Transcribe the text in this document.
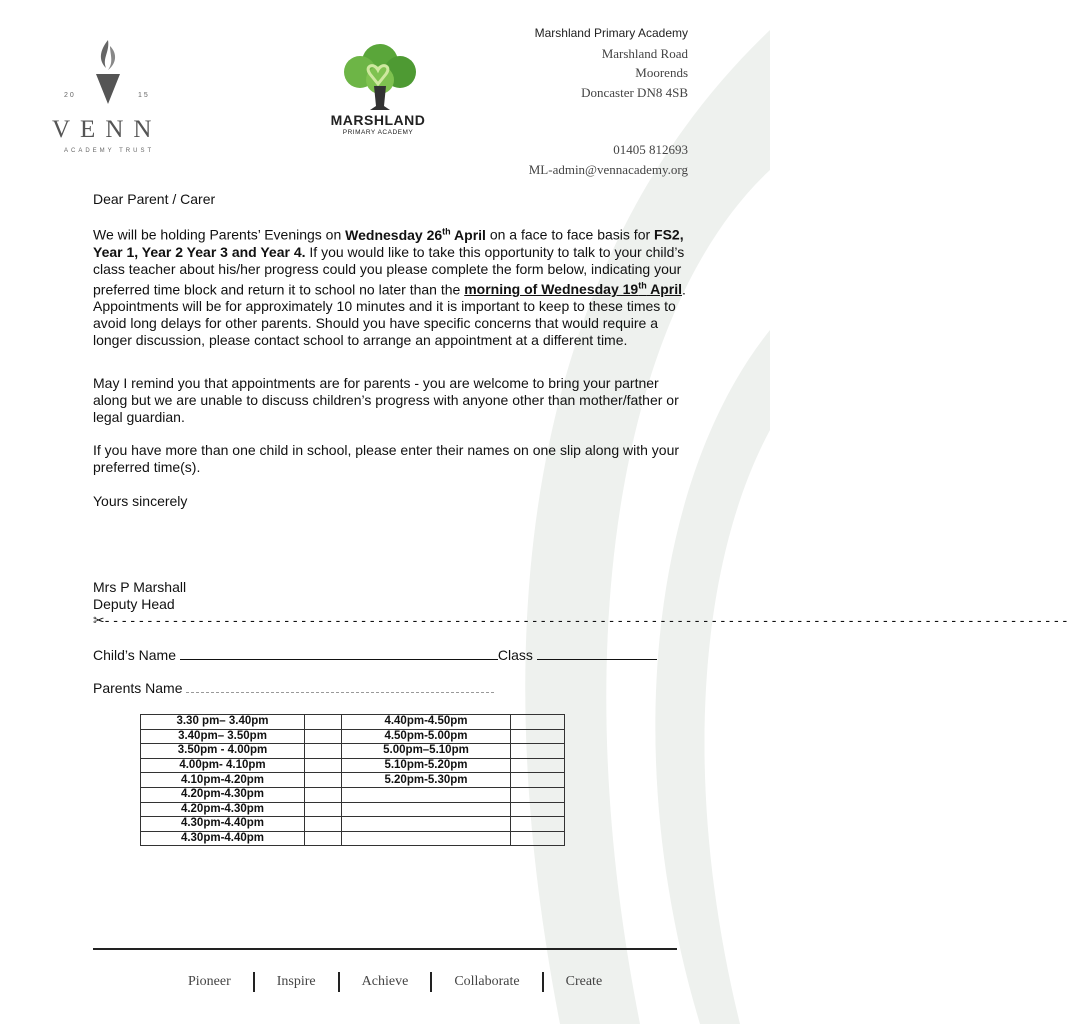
20	15
VENN
ACADEMY TRUST
MARSHLAND
PRIMARY ACADEMY
Marshland Primary Academy
Marshland Road
Moorends
Doncaster DN8 4SB
01405 812693
ML-admin@vennacademy.org
Dear Parent / Carer

We will be holding Parents’ Evenings on Wednesday 26th April on a face to face basis for FS2, Year 1, Year 2 Year 3 and Year 4. If you would like to take this opportunity to talk to your child’s class teacher about his/her progress could you please complete the form below, indicating your preferred time block and return it to school no later than the morning of Wednesday 19th April. Appointments will be for approximately 10 minutes and it is important to keep to these times to avoid long delays for other parents. Should you have specific concerns that would require a longer discussion, please contact school to arrange an appointment at a different time.

May I remind you that appointments are for parents - you are welcome to bring your partner along but we are unable to discuss children’s progress with anyone other than mother/father or legal guardian.

If you have more than one child in school, please enter their names on one slip along with your preferred time(s).

Yours sincerely
Mrs P Marshall
Deputy Head
✂- - - - - - - - - - - - - - - - - - - - - - - - - - - - - - - - - - - - - - - - - - - - - - - - - - - - - - - - - - - - - - - - - - - - - - - - - - - - - - - - - - - - - - - - - - - - - - - - - - - - - - - - - - - - - - - - -
Child’s Name	Class
Parents Name
3.30 pm– 3.40pm		4.40pm-4.50pm	
3.40pm– 3.50pm		4.50pm-5.00pm	
3.50pm - 4.00pm		5.00pm–5.10pm	
4.00pm- 4.10pm		5.10pm-5.20pm	
4.10pm-4.20pm		5.20pm-5.30pm	
4.20pm-4.30pm			
4.20pm-4.30pm			
4.30pm-4.40pm			
4.30pm-4.40pm			
Pioneer	Inspire	Achieve	Collaborate	Create
